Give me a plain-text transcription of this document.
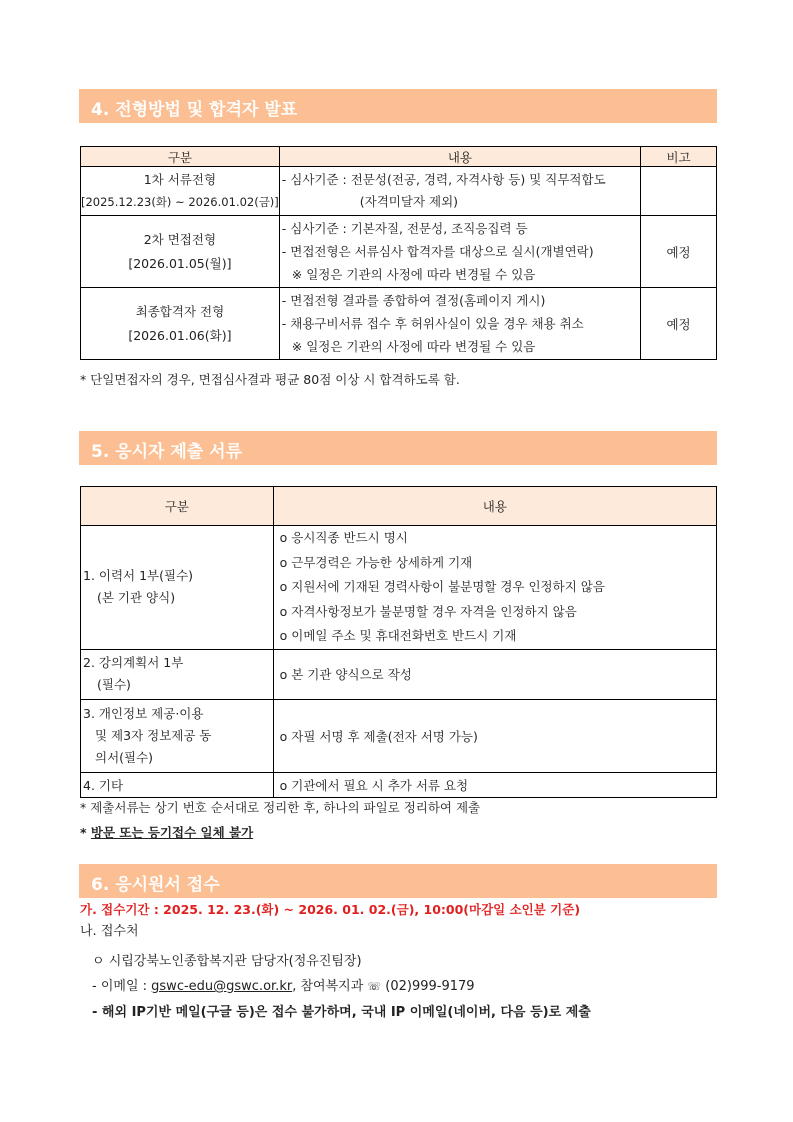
4. 전형방법 및 합격자 발표
구분	내용	비고

1차 서류전형
[2025.12.23(화) ~ 2026.01.02(금)]	- 심사기준 : 전문성(전공, 경력, 자격사항 등) 및 직무적합도
(자격미달자 제외)	

2차 면접전형
[2026.01.05(월)]	- 심사기준 : 기본자질, 전문성, 조직응집력 등
- 면접전형은 서류심사 합격자를 대상으로 실시(개별연락)
※ 일정은 기관의 사정에 따라 변경될 수 있음	예정

최종합격자 전형
[2026.01.06(화)]	- 면접전형 결과를 종합하여 결정(홈페이지 게시)
- 채용구비서류 접수 후 허위사실이 있을 경우 채용 취소
※ 일정은 기관의 사정에 따라 변경될 수 있음	예정
* 단일면접자의 경우, 면접심사결과 평균 80점 이상 시 합격하도록 함.
5. 응시자 제출 서류
구분	내용

1. 이력서 1부(필수)
(본 기관 양식)	o 응시직종 반드시 명시
o 근무경력은 가능한 상세하게 기재
o 지원서에 기재된 경력사항이 불분명할 경우 인정하지 않음
o 자격사항정보가 불분명할 경우 자격을 인정하지 않음
o 이메일 주소 및 휴대전화번호 반드시 기재

2. 강의계획서 1부
(필수)	o 본 기관 양식으로 작성

3. 개인정보 제공·이용
및 제3자 정보제공 동
의서(필수)	o 자필 서명 후 제출(전자 서명 가능)

4. 기타	o 기관에서 필요 시 추가 서류 요청
* 제출서류는 상기 번호 순서대로 정리한 후, 하나의 파일로 정리하여 제출
* 방문 또는 등기접수 일체 불가
6. 응시원서 접수
가. 접수기간 : 2025. 12. 23.(화) ~ 2026. 01. 02.(금), 10:00(마감일 소인분 기준)
나. 접수처
ㅇ 시립강북노인종합복지관 담당자(정유진팀장)
- 이메일 : gswc-edu@gswc.or.kr, 참여복지과 ☏ (02)999-9179
- 해외 IP기반 메일(구글 등)은 접수 불가하며, 국내 IP 이메일(네이버, 다음 등)로 제출
